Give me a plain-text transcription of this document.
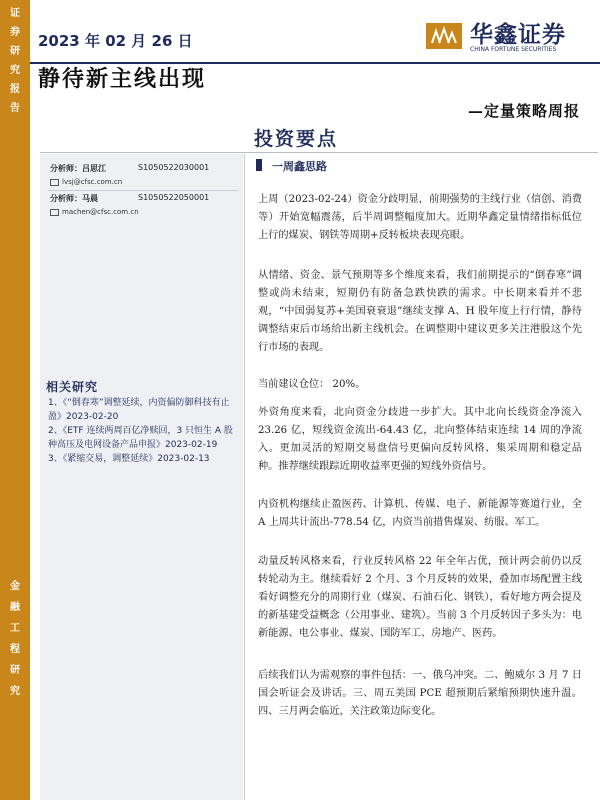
证
券
研
究
报
告
金
融
工
程
研
究
2023 年 02 月 26 日	华鑫证券
CHINA FORTUNE SECURITIES
静待新主线出现
—定量策略周报
投资要点
分析师：吕思江	S1050522030001
lvsj@cfsc.com.cn
分析师：马晨	S1050522050001
machen@cfsc.com.cn
相关研究
1、《“倒春寒”调整延续，内资偏防御科技有止盈》2023-02-20
2、《ETF 连续两周百亿净赎回，3 只恒生 A 股种高压及电网设备产品申报》2023-02-19
3、《紧缩交易，调整延续》2023-02-13
一周鑫思路
上周（2023-02-24）资金分歧明显，前期强势的主线行业（信创、消费等）开始宽幅震荡，后半周调整幅度加大。近期华鑫定量情绪指标低位上行的煤炭、钢铁等周期+反转板块表现亮眼。
从情绪、资金、景气预期等多个维度来看，我们前期提示的“倒春寒”调整或尚未结束，短期仍有防备急跌快跌的需求。中长期来看并不悲观，“中国弱复苏+美国衰衰退”继续支撑 A、H 股年度上行行情，静待调整结束后市场给出新主线机会。在调整期中建议更多关注港股这个先行市场的表现。
当前建议仓位： 20%。
外资角度来看，北向资金分歧进一步扩大。其中北向长线资金净流入 23.26 亿，短线资金流出-64.43 亿，北向整体结束连续 14 周的净流入。更加灵活的短期交易盘信号更偏向反转风格、集采周期和稳定品种。推荐继续跟踪近期收益率更强的短线外资信号。
内资机构继续止盈医药、计算机、传媒、电子、新能源等赛道行业，全 A 上周共计流出-778.54 亿，内资当前措售煤炭、纺服、军工。
动量反转风格来看，行业反转风格 22 年全年占优，预计两会前仍以反转轮动为主。继续看好 2 个月、3 个月反转的效果，叠加市场配置主线看好调整充分的周期行业（煤炭、石油石化、钢铁），看好地方两会提及的新基建受益概念（公用事业、建筑）。当前 3 个月反转因子多头为：电新能源、电公事业、煤炭、国防军工、房地产、医药。
后续我们认为需观察的事件包括：一、俄乌冲突。二、鲍威尔 3 月 7 日国会听证会及讲话。三、周五美国 PCE 超预期后紧缩预期快速升温。四、三月两会临近，关注政策边际变化。
